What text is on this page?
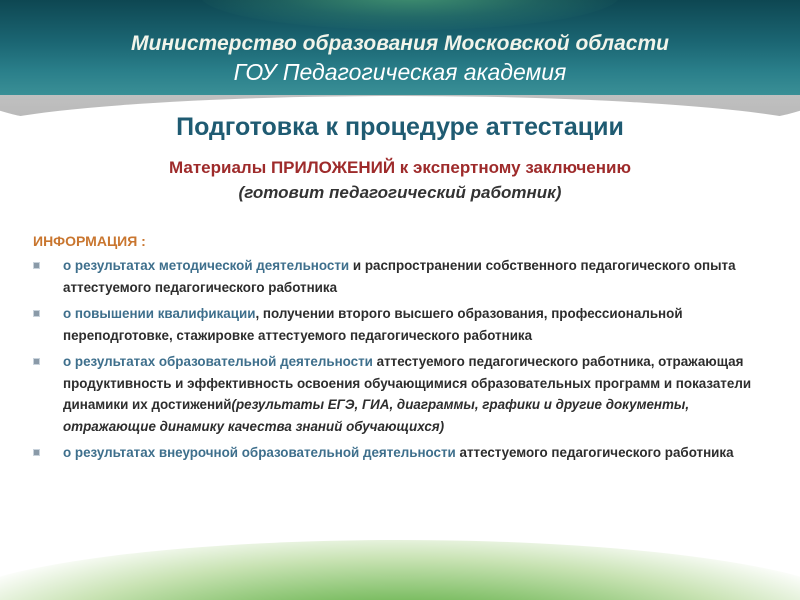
Министерство образования Московской области
ГОУ Педагогическая академия
Подготовка к процедуре аттестации
Материалы ПРИЛОЖЕНИЙ к экспертному заключению
(готовит педагогический работник)
ИНФОРМАЦИЯ :
о результатах методической деятельности и распространении собственного педагогического опыта аттестуемого педагогического работника
о повышении квалификации, получении второго высшего образования, профессиональной переподготовке, стажировке аттестуемого педагогического работника
о результатах образовательной деятельности аттестуемого педагогического работника, отражающая продуктивность и эффективность освоения обучающимися образовательных программ и показатели динамики их достижений(результаты ЕГЭ, ГИА, диаграммы, графики и другие документы, отражающие динамику качества знаний обучающихся)
о результатах внеурочной образовательной деятельности аттестуемого педагогического работника
